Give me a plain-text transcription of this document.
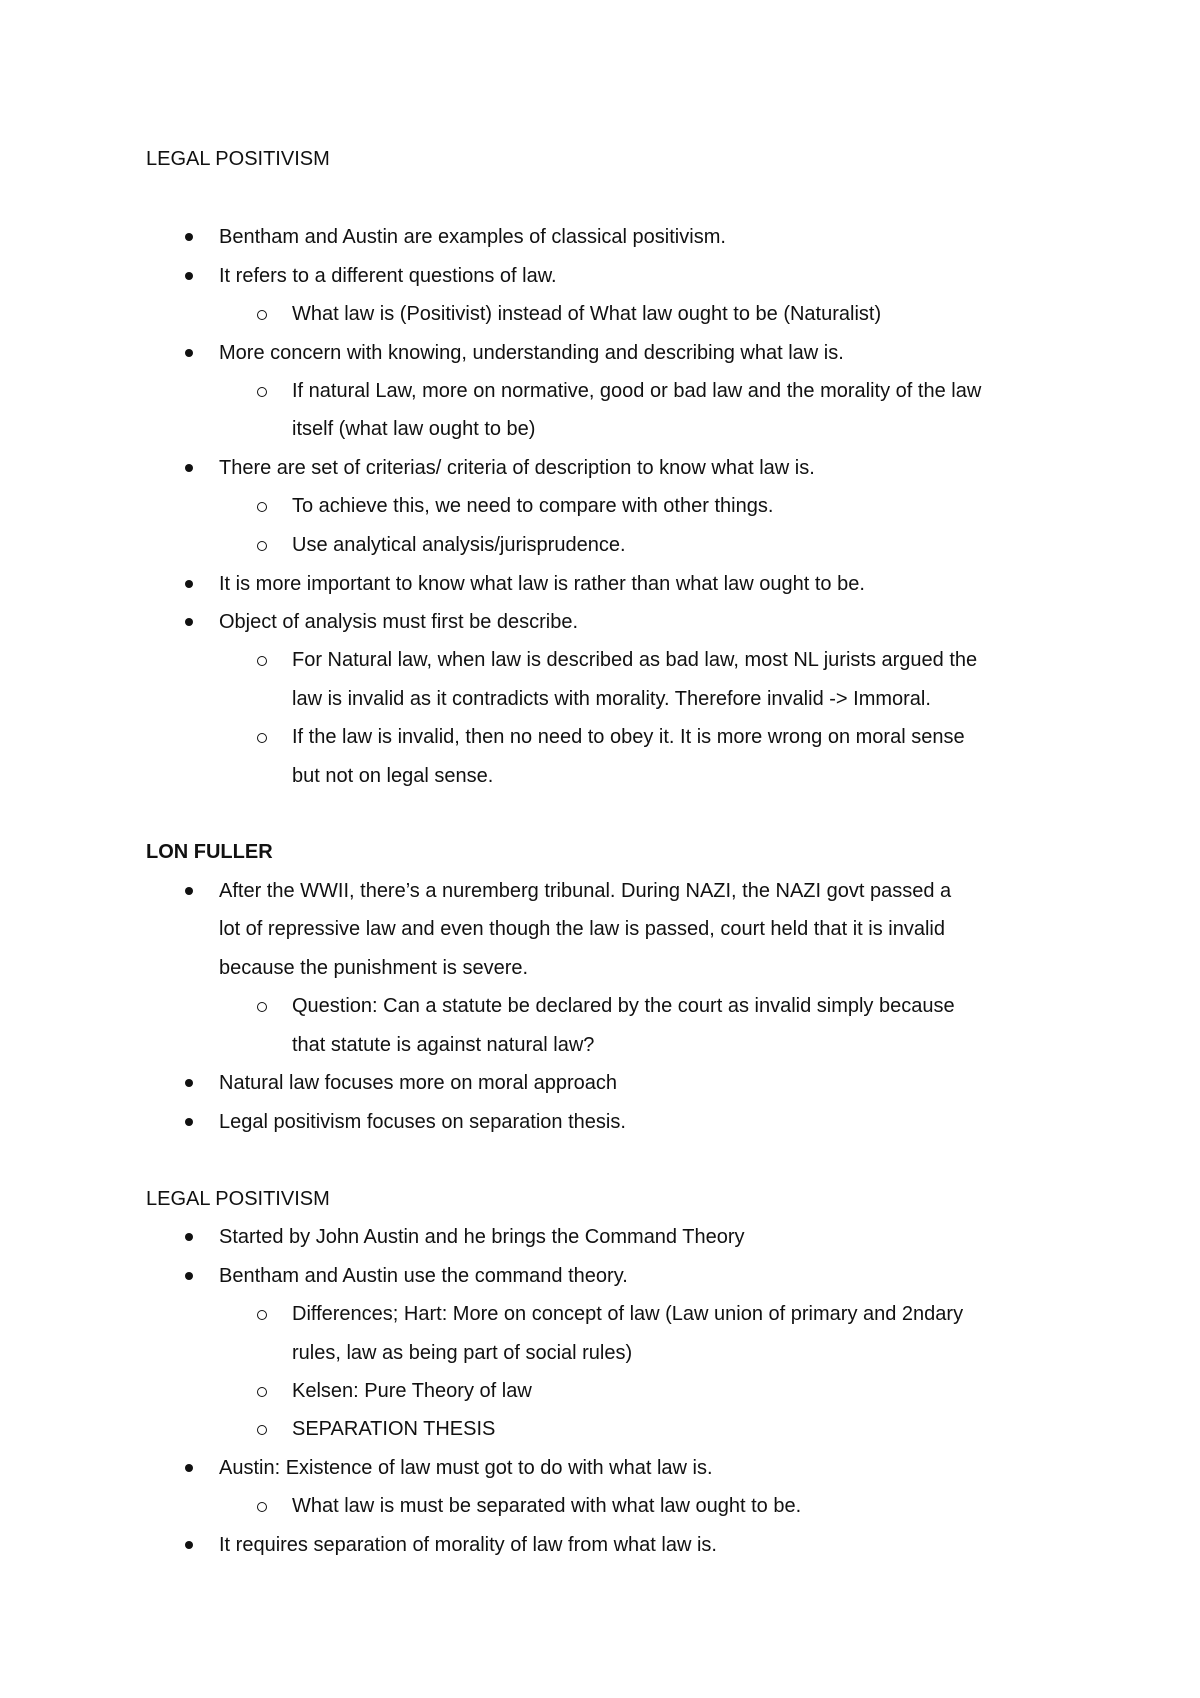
LEGAL POSITIVISM
Bentham and Austin are examples of classical positivism.
It refers to a different questions of law.
What law is (Positivist) instead of What law ought to be (Naturalist)
More concern with knowing, understanding and describing what law is.
If natural Law, more on normative, good or bad law and the morality of the law
itself (what law ought to be)
There are set of criterias/ criteria of description to know what law is.
To achieve this, we need to compare with other things.
Use analytical analysis/jurisprudence.
It is more important to know what law is rather than what law ought to be.
Object of analysis must first be describe.
For Natural law, when law is described as bad law, most NL jurists argued the
law is invalid as it contradicts with morality. Therefore invalid -> Immoral.
If the law is invalid, then no need to obey it. It is more wrong on moral sense
but not on legal sense.
LON FULLER
After the WWII, there’s a nuremberg tribunal. During NAZI, the NAZI govt passed a
lot of repressive law and even though the law is passed, court held that it is invalid
because the punishment is severe.
Question: Can a statute be declared by the court as invalid simply because
that statute is against natural law?
Natural law focuses more on moral approach
Legal positivism focuses on separation thesis.
LEGAL POSITIVISM
Started by John Austin and he brings the Command Theory
Bentham and Austin use the command theory.
Differences; Hart: More on concept of law (Law union of primary and 2ndary
rules, law as being part of social rules)
Kelsen: Pure Theory of law
SEPARATION THESIS
Austin: Existence of law must got to do with what law is.
What law is must be separated with what law ought to be.
It requires separation of morality of law from what law is.
